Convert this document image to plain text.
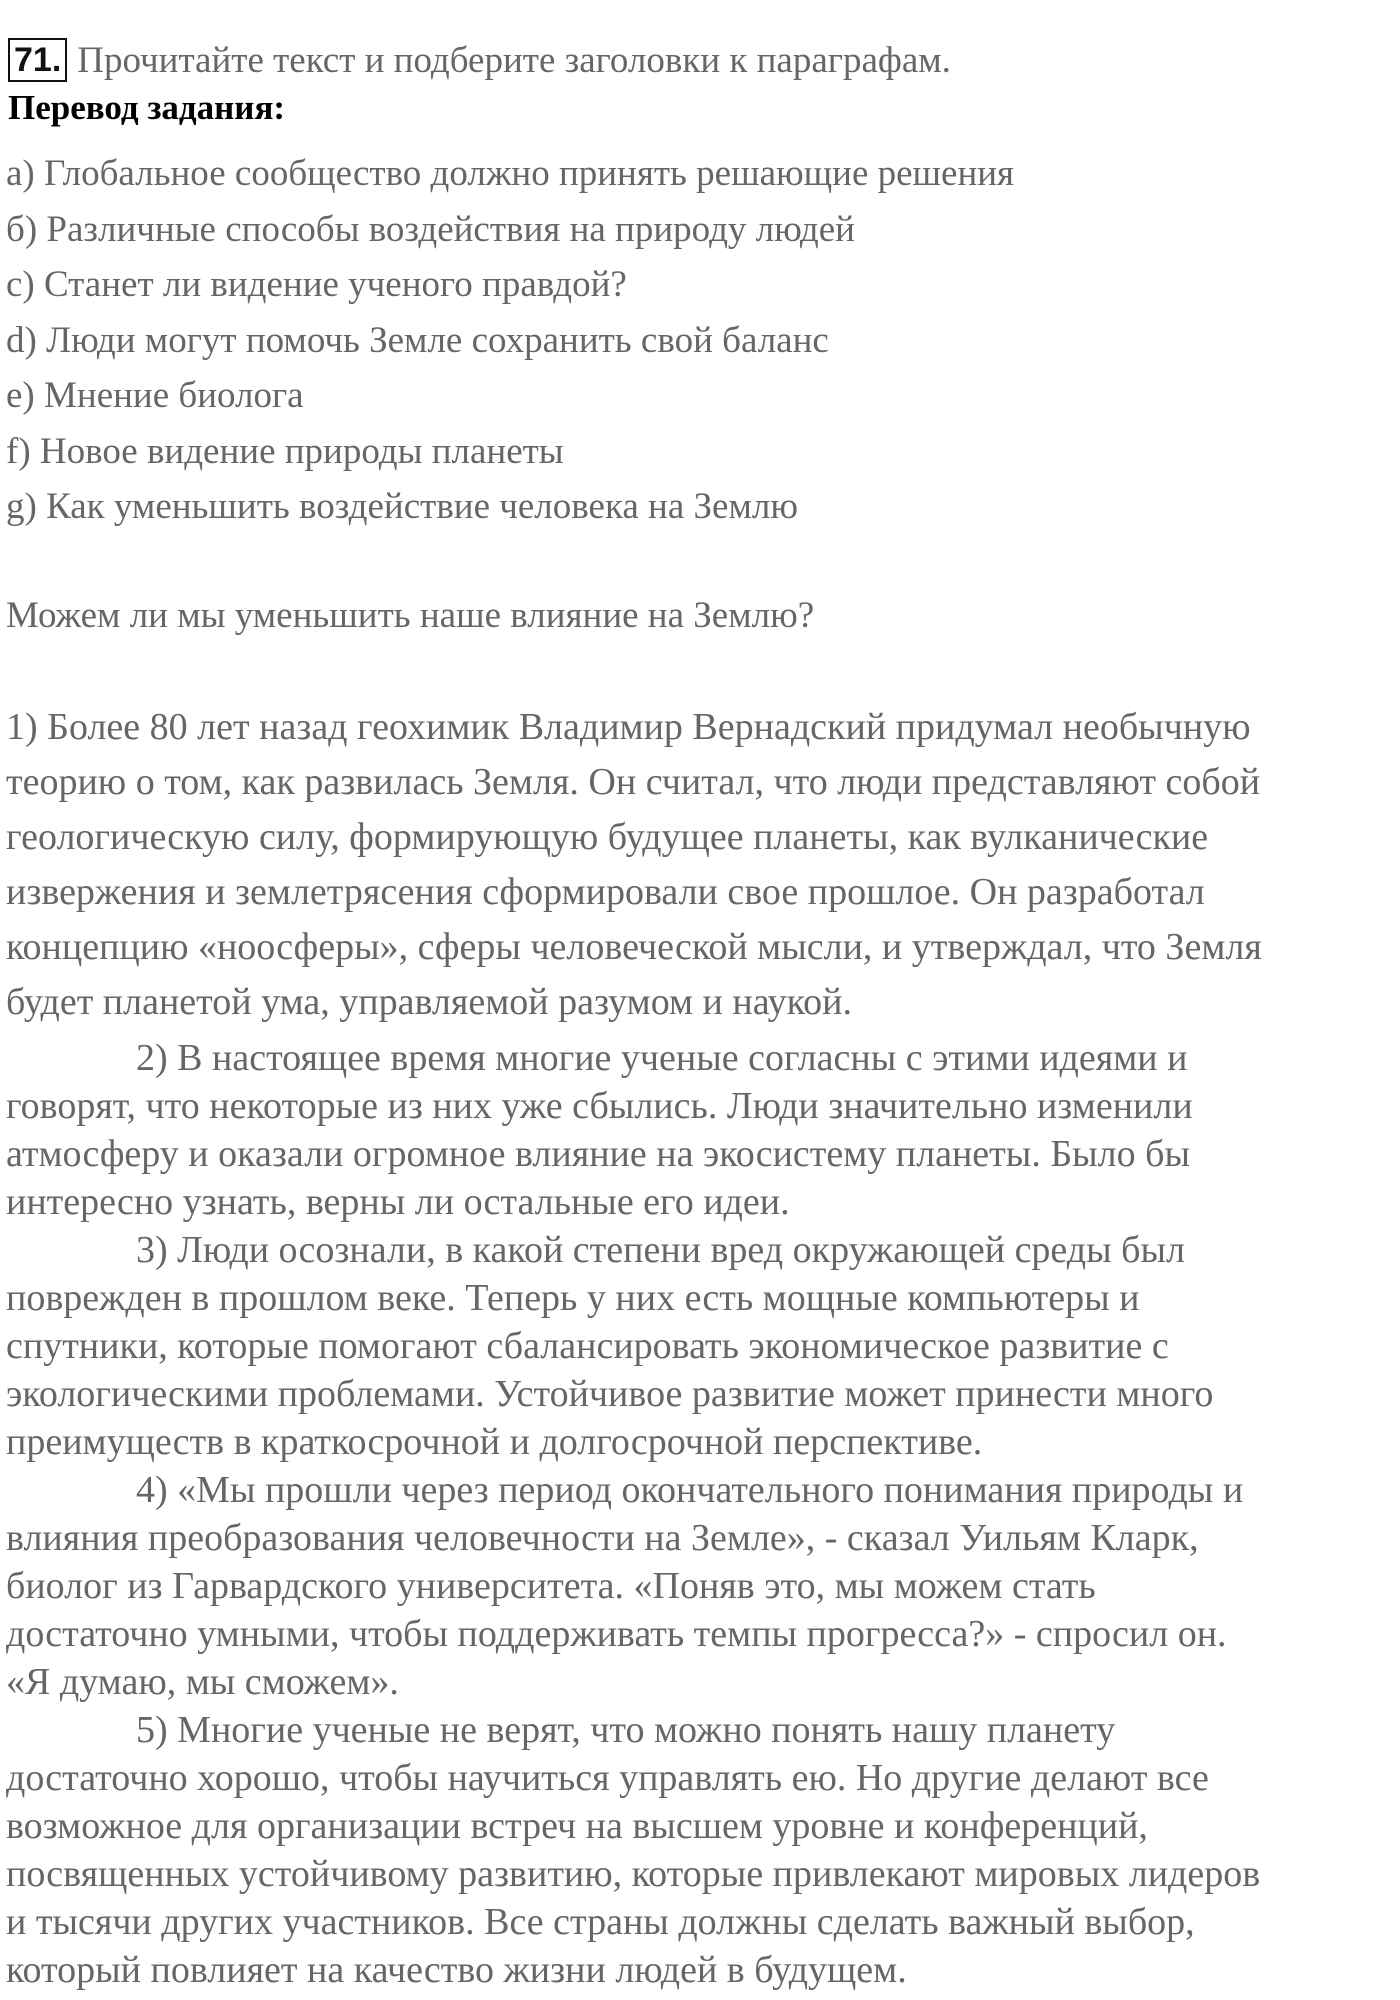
71. Прочитайте текст и подберите заголовки к параграфам.
Перевод задания:
a) Глобальное сообщество должно принять решающие решения
б) Различные способы воздействия на природу людей
c) Станет ли видение ученого правдой?
d) Люди могут помочь Земле сохранить свой баланс
e) Мнение биолога
f) Новое видение природы планеты
g) Как уменьшить воздействие человека на Землю
Можем ли мы уменьшить наше влияние на Землю?
1) Более 80 лет назад геохимик Владимир Вернадский придумал необычную
теорию о том, как развилась Земля. Он считал, что люди представляют собой
геологическую силу, формирующую будущее планеты, как вулканические
извержения и землетрясения сформировали свое прошлое. Он разработал
концепцию «ноосферы», сферы человеческой мысли, и утверждал, что Земля
будет планетой ума, управляемой разумом и наукой.
2) В настоящее время многие ученые согласны с этими идеями и
говорят, что некоторые из них уже сбылись. Люди значительно изменили
атмосферу и оказали огромное влияние на экосистему планеты. Было бы
интересно узнать, верны ли остальные его идеи.
3) Люди осознали, в какой степени вред окружающей среды был
поврежден в прошлом веке. Теперь у них есть мощные компьютеры и
спутники, которые помогают сбалансировать экономическое развитие с
экологическими проблемами. Устойчивое развитие может принести много
преимуществ в краткосрочной и долгосрочной перспективе.
4) «Мы прошли через период окончательного понимания природы и
влияния преобразования человечности на Земле», - сказал Уильям Кларк,
биолог из Гарвардского университета. «Поняв это, мы можем стать
достаточно умными, чтобы поддерживать темпы прогресса?» - спросил он.
«Я думаю, мы сможем».
5) Многие ученые не верят, что можно понять нашу планету
достаточно хорошо, чтобы научиться управлять ею. Но другие делают все
возможное для организации встреч на высшем уровне и конференций,
посвященных устойчивому развитию, которые привлекают мировых лидеров
и тысячи других участников. Все страны должны сделать важный выбор,
который повлияет на качество жизни людей в будущем.
